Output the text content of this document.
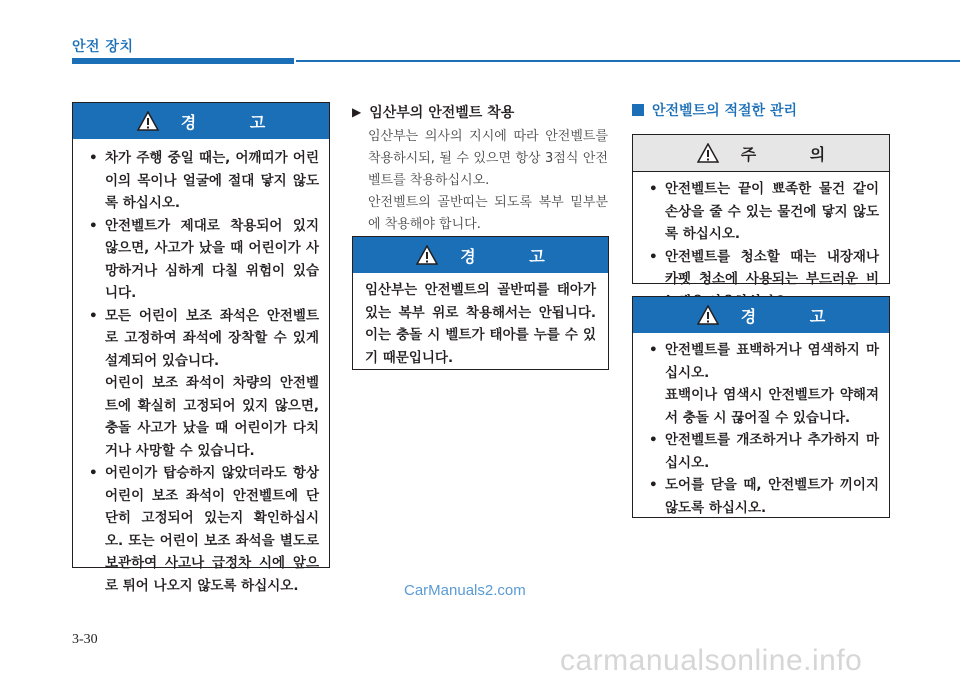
안전 장치
경 고
• 차가 주행 중일 때는, 어깨띠가 어린이의 목이나 얼굴에 절대 닿지 않도록 하십시오.

• 안전벨트가 제대로 착용되어 있지 않으면, 사고가 났을 때 어린이가 사망하거나 심하게 다칠 위험이 있습니다.

• 모든 어린이 보조 좌석은 안전벨트로 고정하여 좌석에 장착할 수 있게 설계되어 있습니다.

어린이 보조 좌석이 차량의 안전벨트에 확실히 고정되어 있지 않으면, 충돌 사고가 났을 때 어린이가 다치거나 사망할 수 있습니다.

• 어린이가 탑승하지 않았더라도 항상 어린이 보조 좌석이 안전벨트에 단단히 고정되어 있는지 확인하십시오. 또는 어린이 보조 좌석을 별도로 보관하여 사고나 급정차 시에 앞으로 튀어 나오지 않도록 하십시오.

▶ 임산부의 안전벨트 착용

임산부는 의사의 지시에 따라 안전벨트를 착용하시되, 될 수 있으면 항상 3점식 안전벨트를 착용하십시오.

안전벨트의 골반띠는 되도록 복부 밑부분에 착용해야 합니다.

경 고

임산부는 안전벨트의 골반띠를 태아가 있는 복부 위로 착용해서는 안됩니다. 이는 충돌 시 벨트가 태아를 누를 수 있기 때문입니다.

안전벨트의 적절한 관리
주 의
• 안전벨트는 끝이 뾰족한 물건 같이 손상을 줄 수 있는 물건에 닿지 않도록 하십시오.

• 안전벨트를 청소할 때는 내장재나 카펫 청소에 사용되는 부드러운 비

경 고
• 안전벨트를 표백하거나 염색하지 마십시오.

표백이나 염색시 안전벨트가 약해져서 충돌 시 끊어질 수 있습니다.

• 안전벨트를 개조하거나 추가하지 마십시오.

• 도어를 닫을 때, 안전벨트가 끼이지 않도록 하십시오.

CarManuals2.com
3-30
carmanualsonline.info
